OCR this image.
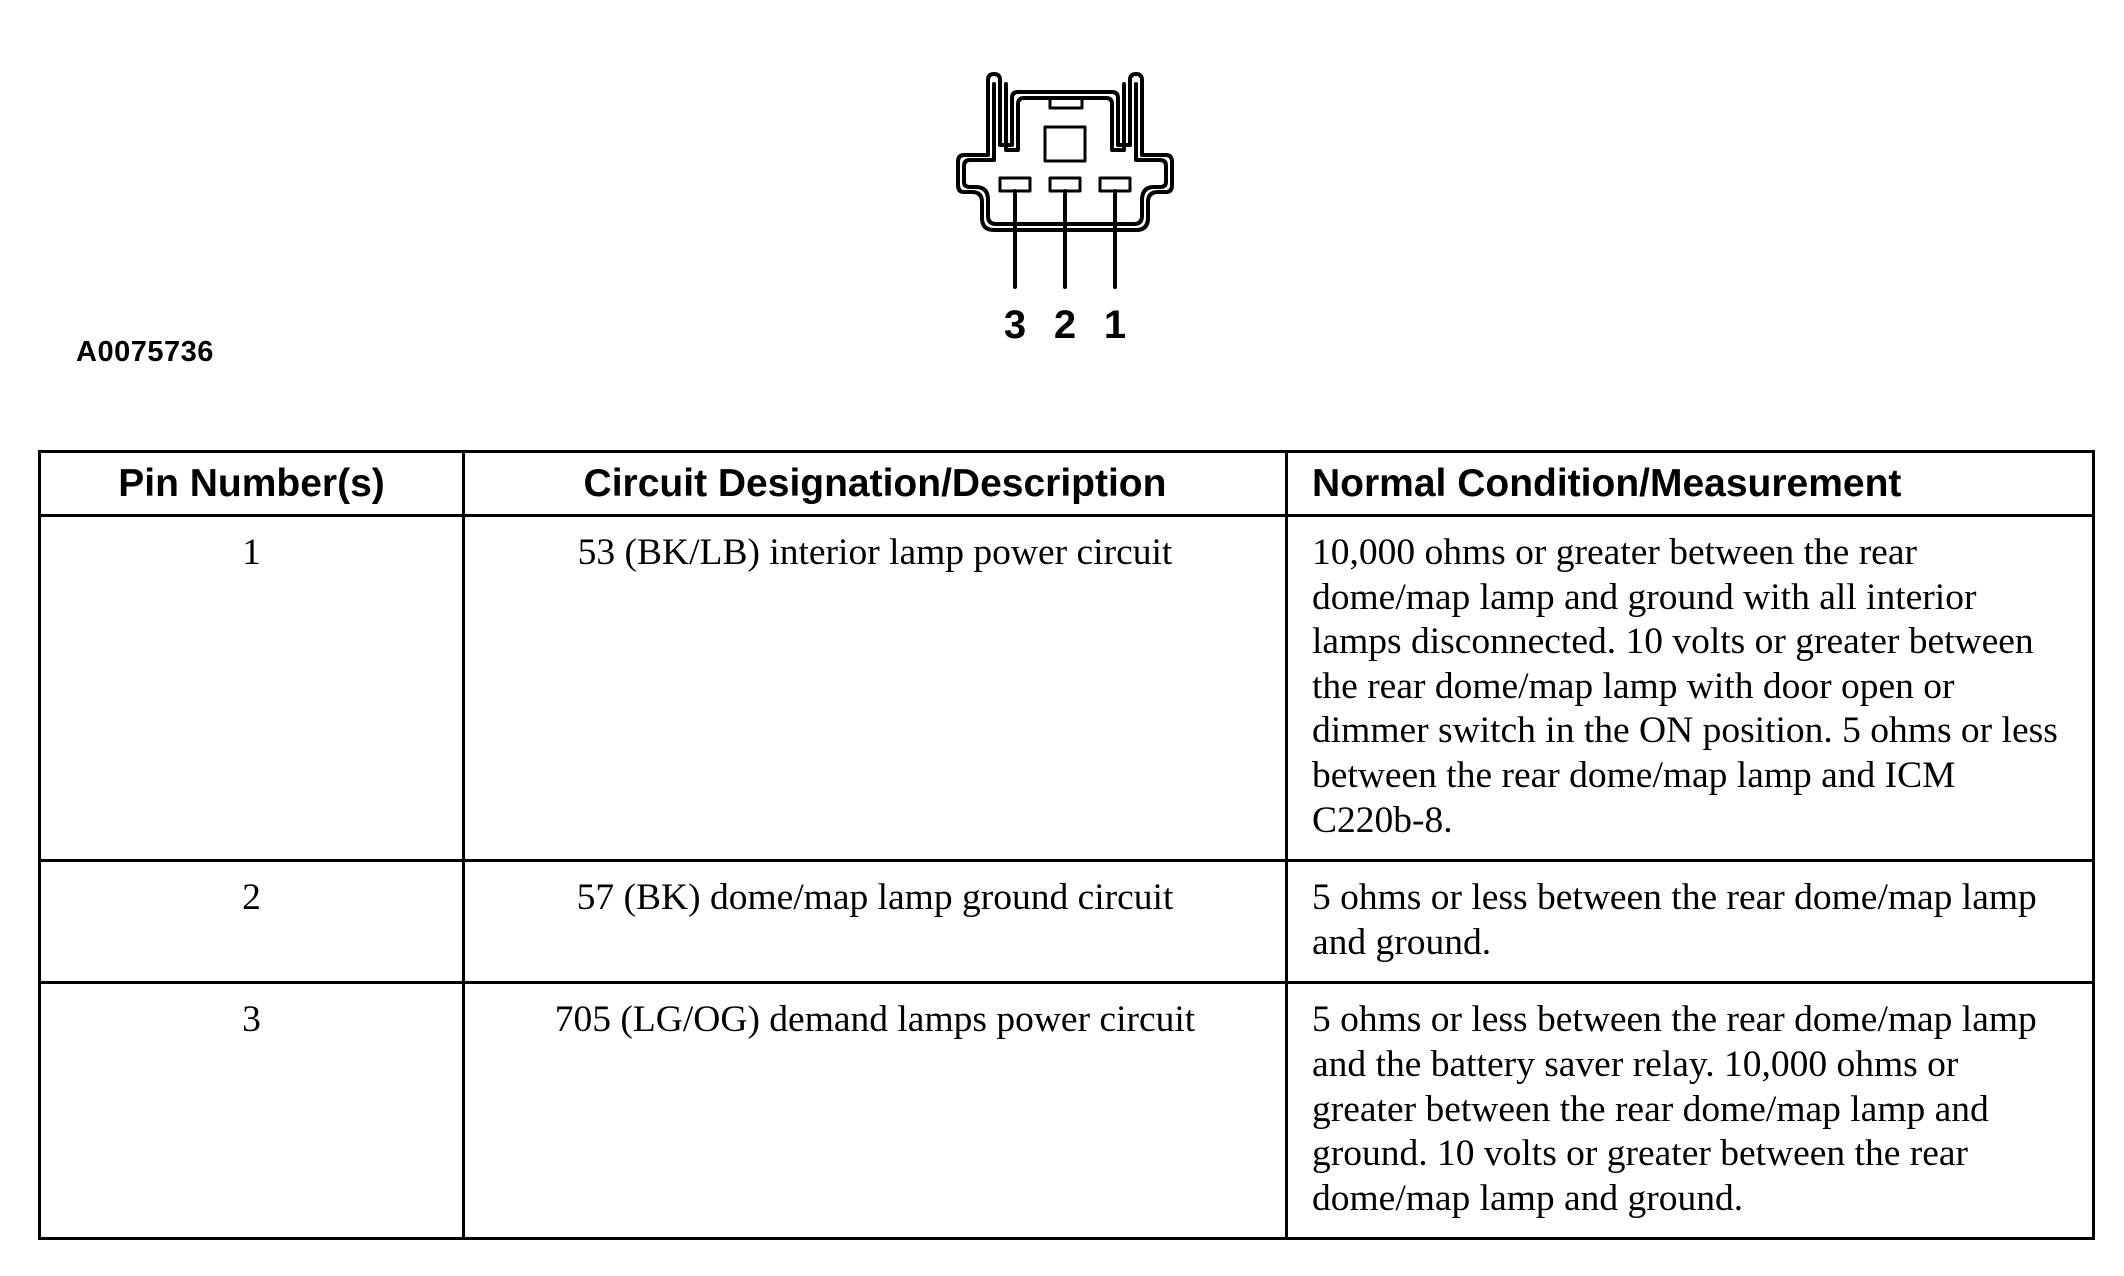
3 2 1
A0075736
Pin Number(s)	Circuit Designation/Description	Normal Condition/Measurement
1	53 (BK/LB) interior lamp power circuit	10,000 ohms or greater between the rear dome/map lamp and ground with all interior lamps disconnected. 10 volts or greater between the rear dome/map lamp with door open or dimmer switch in the ON position. 5 ohms or less between the rear dome/map lamp and ICM C220b-8.
2	57 (BK) dome/map lamp ground circuit	5 ohms or less between the rear dome/map lamp and ground.
3	705 (LG/OG) demand lamps power circuit	5 ohms or less between the rear dome/map lamp and the battery saver relay. 10,000 ohms or greater between the rear dome/map lamp and ground. 10 volts or greater between the rear dome/map lamp and ground.
